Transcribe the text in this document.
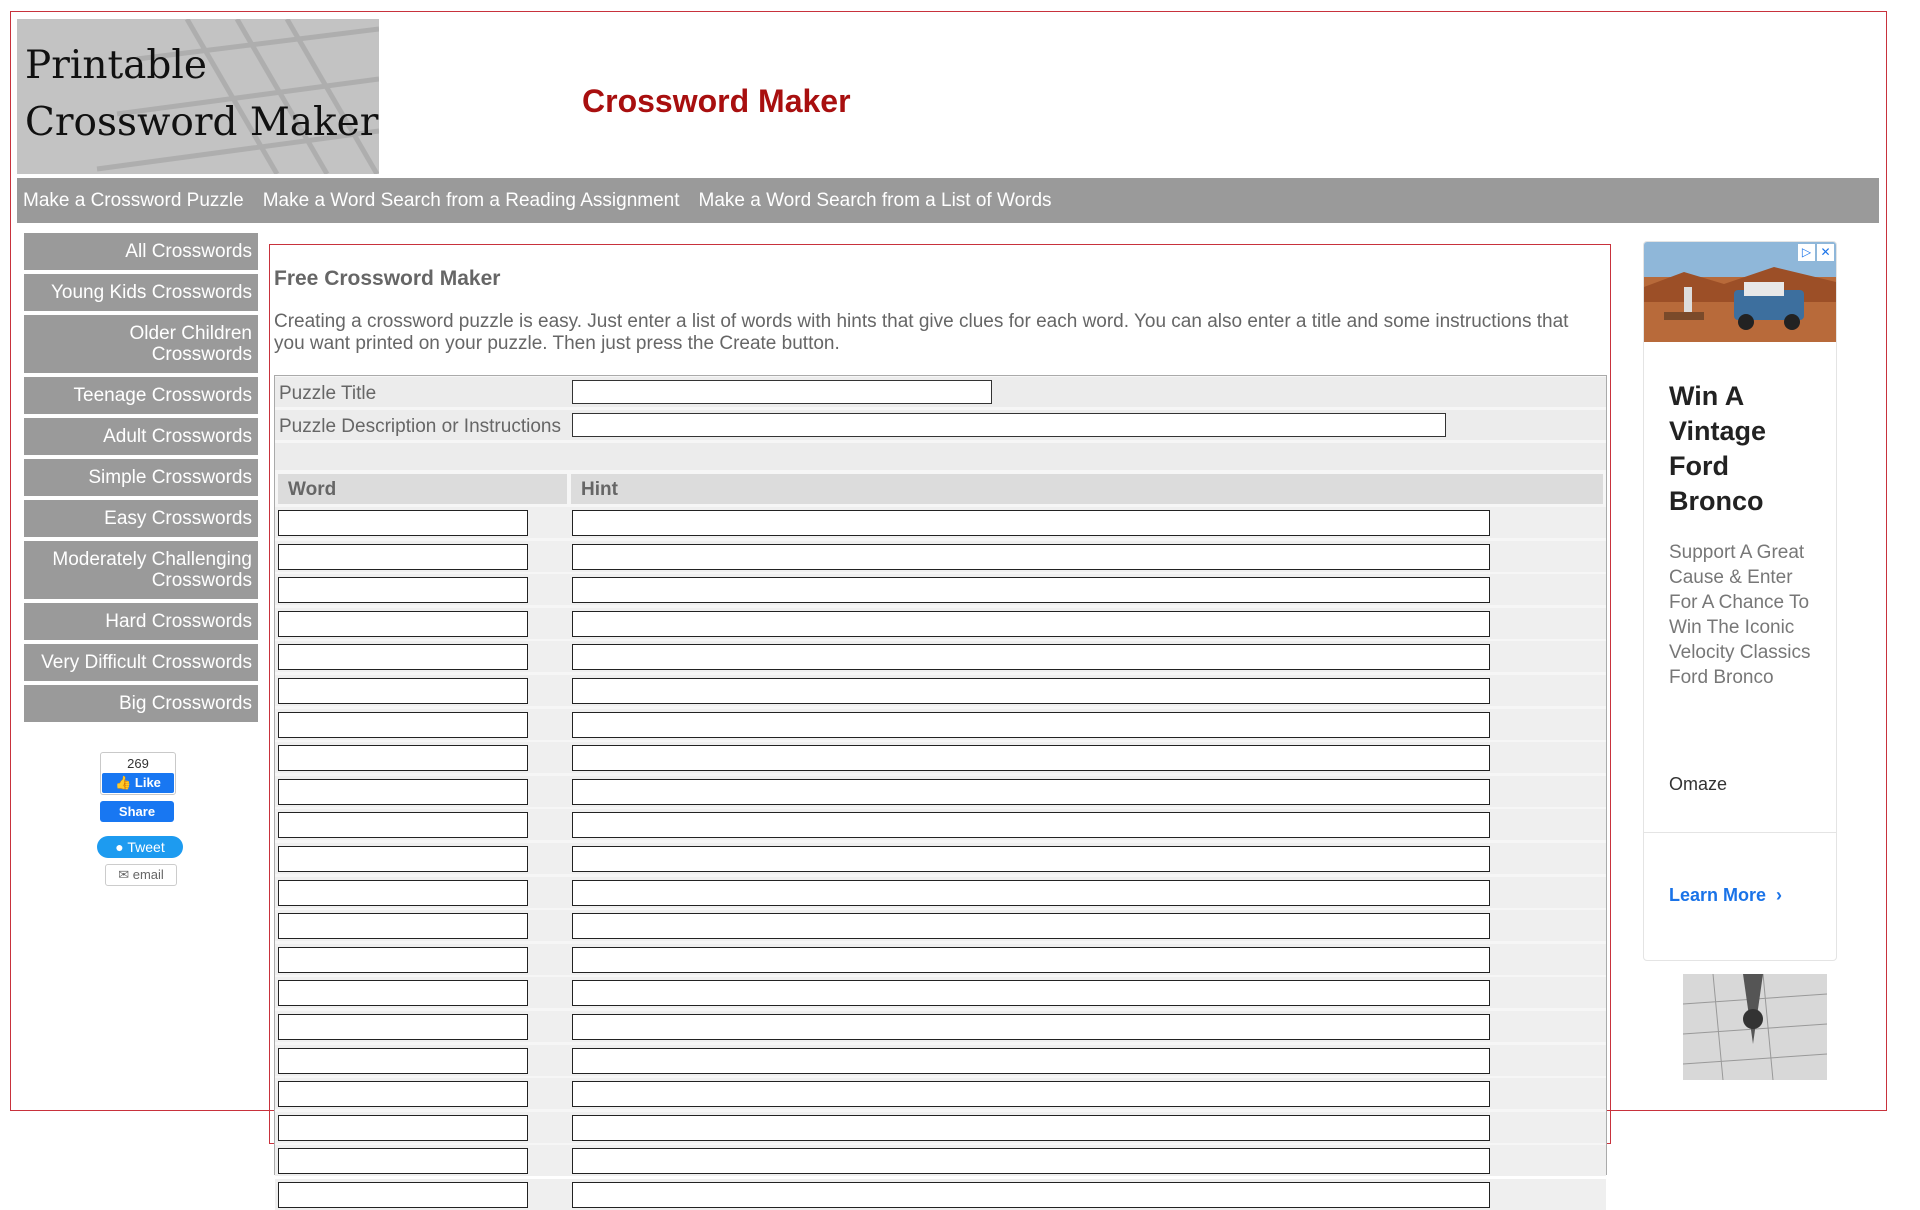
Printable
Crossword Maker	Crossword Maker
Make a Crossword Puzzle	Make a Word Search from a Reading Assignment	Make a Word Search from a List of Words
All Crosswords
Young Kids Crosswords
Older Children Crosswords
Teenage Crosswords
Adult Crosswords
Simple Crosswords
Easy Crosswords
Moderately Challenging Crosswords
Hard Crosswords
Very Difficult Crosswords
Big Crosswords
269
👍 Like
Share
● Tweet
✉ email
Free Crossword Maker

Creating a crossword puzzle is easy. Just enter a list of words with hints that give clues for each word. You can also enter a title and some instructions that you want printed on your puzzle. Then just press the Create button.

Puzzle Title
Puzzle Description or Instructions
Word	Hint
▷ ✕
Win A Vintage Ford Bronco

Support A Great Cause & Enter For A Chance To Win The Iconic Velocity Classics Ford Bronco

Omaze
Learn More  ›
